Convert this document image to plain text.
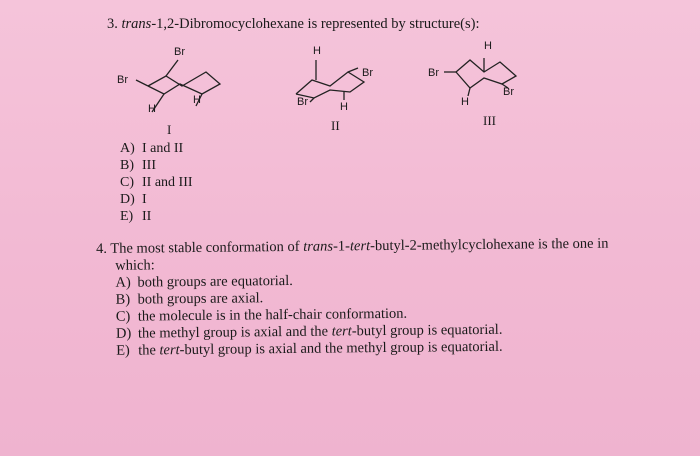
3. trans-1,2-Dibromocyclohexane is represented by structure(s):
Br
Br
H
H
I
H
Br
Br	H
II
H
Br
Br
H
III
A) I and II
B) III
C) II and III
D) I
E) II
4. The most stable conformation of trans-1-tert-butyl-2-methylcyclohexane is the one in
which:
A) both groups are equatorial.
B) both groups are axial.
C) the molecule is in the half-chair conformation.
D) the methyl group is axial and the tert-butyl group is equatorial.
E) the tert-butyl group is axial and the methyl group is equatorial.
